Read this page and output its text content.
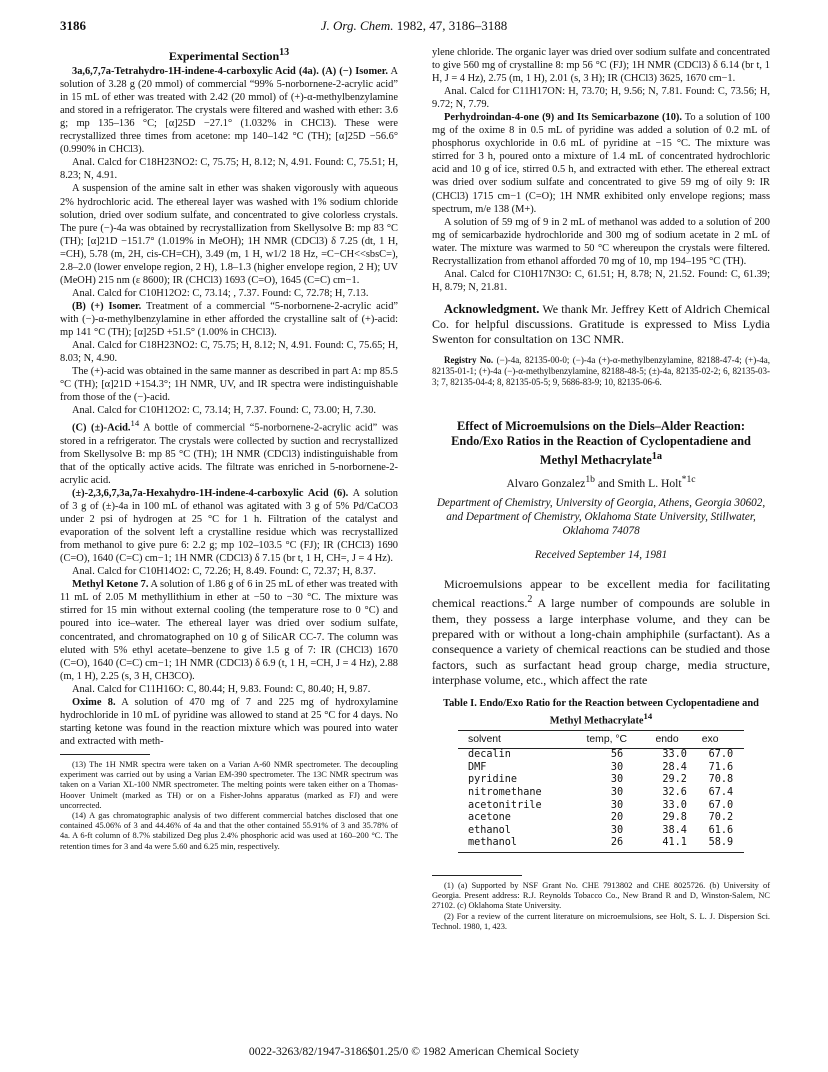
3186	J. Org. Chem. 1982, 47, 3186–3188
Experimental Section$^{13}$

3a,6,7,7a-Tetrahydro-1H-indene-4-carboxylic Acid (4a). (A) (−) Isomer. A solution of 3.28 g (20 mmol) of commercial “99% 5-norbornene-2-acrylic acid” in 15 mL of ether was treated with 2.42 (20 mmol) of (+)-α-methylbenzylamine and stored in a refrigerator. The crystals were filtered and washed with ether: 3.6 g; mp 135–136 °C; [α]25D −27.1° (1.032% in CHCl3). These were recrystallized three times from acetone: mp 140–142 °C (TH); [α]25D −56.6° (0.990% in CHCl3).

Anal. Calcd for C18H23NO2: C, 75.75; H, 8.12; N, 4.91. Found: C, 75.51; H, 8.23; N, 4.91.

A suspension of the amine salt in ether was shaken vigorously with aqueous 2% hydrochloric acid. The ethereal layer was washed with 1% sodium chloride solution, dried over sodium sulfate, and concentrated to give colorless crystals. The pure (−)-4a was obtained by recrystallization from Skellysolve B: mp 83 °C (TH); [α]21D −151.7° (1.019% in MeOH); 1H NMR (CDCl3) δ 7.25 (dt, 1 H, =CH), 5.78 (m, 2H, cis-CH=CH), 3.49 (m, 1 H, w1/2 18 Hz, =C−CH<<sbsC=), 2.8–2.0 (lower envelope region, 2 H), 1.8–1.3 (higher envelope region, 2 H); UV (MeOH) 215 nm (ε 8600); IR (CHCl3) 1693 (C=O), 1645 (C=C) cm−1.

Anal. Calcd for C10H12O2: C, 73.14; , 7.37. Found: C, 72.78; H, 7.13.

(B) (+) Isomer. Treatment of a commercial “5-norbornene-2-acrylic acid” with (−)-α-methylbenzylamine in ether afforded the crystalline salt of (+)-acid: mp 141 °C (TH); [α]25D +51.5° (1.00% in CHCl3).

Anal. Calcd for C18H23NO2: C, 75.75; H, 8.12; N, 4.91. Found: C, 75.65; H, 8.03; N, 4.90.

The (+)-acid was obtained in the same manner as described in part A: mp 85.5 °C (TH); [α]21D +154.3°; 1H NMR, UV, and IR spectra were indistinguishable from those of the (−)-acid.

Anal. Calcd for C10H12O2: C, 73.14; H, 7.37. Found: C, 73.00; H, 7.30.

(C) (±)-Acid.$^{14}$ A bottle of commercial “5-norbornene-2-acrylic acid” was stored in a refrigerator. The crystals were collected by suction and recrystallized from Skellysolve B: mp 85 °C (TH); 1H NMR (CDCl3) indistinguishable from that of the optically active acids. The filtrate was enriched in 5-norbornene-2-acrylic acid.

(±)-2,3,6,7,3a,7a-Hexahydro-1H-indene-4-carboxylic Acid (6). A solution of 3 g of (±)-4a in 100 mL of ethanol was agitated with 3 g of 5% Pd/CaCO3 under 2 psi of hydrogen at 25 °C for 1 h. Filtration of the catalyst and evaporation of the solvent left a crystalline residue which was recrystallized from methanol to give pure 6: 2.2 g; mp 102–103.5 °C (FJ); IR (CHCl3) 1690 (C=O), 1640 (C=C) cm−1; 1H NMR (CDCl3) δ 7.15 (br t, 1 H, CH=, J = 4 Hz).

Anal. Calcd for C10H14O2: C, 72.26; H, 8.49. Found: C, 72.37; H, 8.37.

Methyl Ketone 7. A solution of 1.86 g of 6 in 25 mL of ether was treated with 11 mL of 2.05 M methyllithium in ether at −50 to −30 °C. The mixture was stirred for 15 min without external cooling (the temperature rose to 0 °C) and poured into ice–water. The ethereal layer was dried over sodium sulfate, concentrated, and chromatographed on 10 g of SilicAR CC-7. The column was eluted with 5% ethyl acetate–benzene to give 1.5 g of 7: IR (CHCl3) 1670 (C=O), 1640 (C=C) cm−1; 1H NMR (CDCl3) δ 6.9 (t, 1 H, =CH, J = 4 Hz), 2.88 (m, 1 H), 2.25 (s, 3 H, CH3CO).

Anal. Calcd for C11H16O: C, 80.44; H, 9.83. Found: C, 80.40; H, 9.87.

Oxime 8. A solution of 470 mg of 7 and 225 mg of hydroxylamine hydrochloride in 10 mL of pyridine was allowed to stand at 25 °C for 4 days. No starting ketone was found in the reaction mixture which was poured into water and extracted with meth-

(13) The 1H NMR spectra were taken on a Varian A-60 NMR spectrometer. The decoupling experiment was carried out by using a Varian EM-390 spectrometer. The 13C NMR spectrum was taken on a Varian XL-100 NMR spectrometer. The melting points were taken either on a Thomas-Hoover Unimelt (marked as TH) or on a Fisher-Johns apparatus (marked as FJ) and were uncorrected.

(14) A gas chromatographic analysis of two different commercial batches disclosed that one contained 45.06% of 3 and 44.46% of 4a and that the other contained 55.91% of 3 and 35.78% of 4a. A 6-ft column of 8.7% stabilized Deg plus 2.4% phosphoric acid was used at 160–200 °C. The retention times for 3 and 4a were 5.60 and 6.25 min, respectively.

ylene chloride. The organic layer was dried over sodium sulfate and concentrated to give 560 mg of crystalline 8: mp 56 °C (FJ); 1H NMR (CDCl3) δ 6.14 (br t, 1 H, J = 4 Hz), 2.75 (m, 1 H), 2.01 (s, 3 H); IR (CHCl3) 3625, 1670 cm−1.

Anal. Calcd for C11H17ON: H, 73.70; H, 9.56; N, 7.81. Found: C, 73.56; H, 9.72; N, 7.79.

Perhydroindan-4-one (9) and Its Semicarbazone (10). To a solution of 100 mg of the oxime 8 in 0.5 mL of pyridine was added a solution of 0.2 mL of phosphorus oxychloride in 0.6 mL of pyridine at −15 °C. The mixture was stirred for 3 h, poured onto a mixture of 1.4 mL of concentrated hydrochloric acid and 10 g of ice, stirred 0.5 h, and extracted with ether. The ethereal extract was dried over sodium sulfate and concentrated to give 59 mg of oily 9: IR (CHCl3) 1715 cm−1 (C=O); 1H NMR exhibited only envelope regions; mass spectrum, m/e 138 (M+).

A solution of 59 mg of 9 in 2 mL of methanol was added to a solution of 200 mg of semicarbazide hydrochloride and 300 mg of sodium acetate in 2 mL of water. The mixture was warmed to 50 °C whereupon the crystals were filtered. Recrystallization from ethanol afforded 70 mg of 10, mp 194–195 °C (TH).

Anal. Calcd for C10H17N3O: C, 61.51; H, 8.78; N, 21.52. Found: C, 61.39; H, 8.79; N, 21.81.

Acknowledgment. We thank Mr. Jeffrey Kett of Aldrich Chemical Co. for helpful discussions. Gratitude is expressed to Miss Lydia Swenton for consultation on 13C NMR.

Registry No. (−)-4a, 82135-00-0; (−)-4a (+)-α-methylbenzylamine, 82188-47-4; (+)-4a, 82135-01-1; (+)-4a (−)-α-methylbenzylamine, 82188-48-5; (±)-4a, 82135-02-2; 6, 82135-03-3; 7, 82135-04-4; 8, 82135-05-5; 9, 5686-83-9; 10, 82135-06-6.

Effect of Microemulsions on the Diels–Alder Reaction: Endo/Exo Ratios in the Reaction of Cyclopentadiene and Methyl Methacrylate$^{1a}$
Alvaro Gonzalez$^{1b}$ and Smith L. Holt$^{*1c}$
Department of Chemistry, University of Georgia, Athens, Georgia 30602, and Department of Chemistry, Oklahoma State University, Stillwater, Oklahoma 74078
Received September 14, 1981

Microemulsions appear to be excellent media for facilitating chemical reactions.$^2$ A large number of compounds are soluble in them, they possess a large interphase volume, and they can be prepared with or without a long-chain amphiphile (surfactant). As a consequence a variety of chemical reactions can be studied and those factors, such as surfactant head group charge, media structure, interphase volume, etc., which affect the rate

Table I. Endo/Exo Ratio for the Reaction between Cyclopentadiene and Methyl Methacrylate$^{14}$
solvent	temp, °C	endo	exo
decalin	56	33.0	67.0
DMF	30	28.4	71.6
pyridine	30	29.2	70.8
nitromethane	30	32.6	67.4
acetonitrile	30	33.0	67.0
acetone	20	29.8	70.2
ethanol	30	38.4	61.6
methanol	26	41.1	58.9

(1) (a) Supported by NSF Grant No. CHE 7913802 and CHE 8025726. (b) University of Georgia. Present address: R.J. Reynolds Tobacco Co., New Brand R and D, Winston-Salem, NC 27102. (c) Oklahoma State University.

(2) For a review of the current literature on microemulsions, see Holt, S. L. J. Dispersion Sci. Technol. 1980, 1, 423.

0022-3263/82/1947-3186$01.25/0 © 1982 American Chemical Society
